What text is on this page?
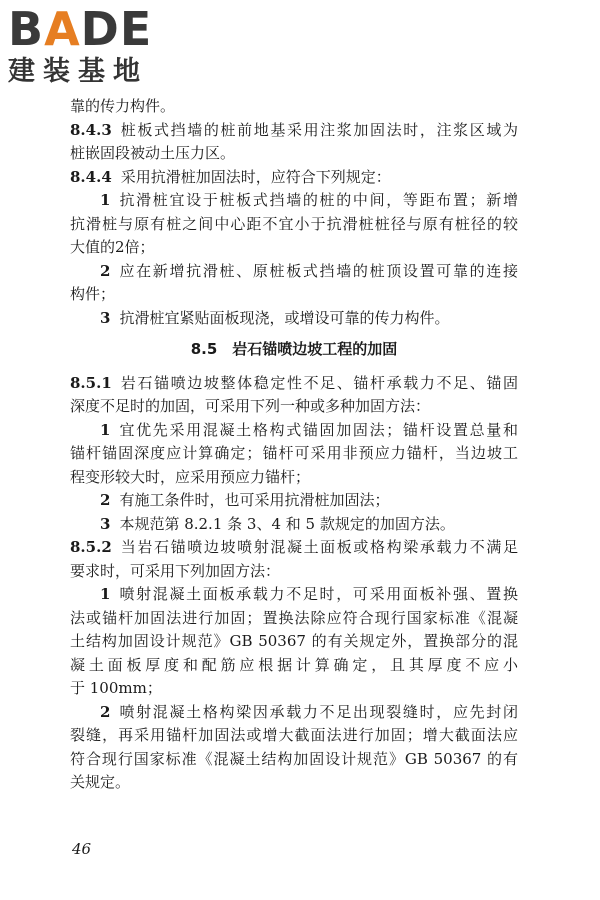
B A DE
建装基地
靠的传力构件。
8.4.3 桩板式挡墙的桩前地基采用注浆加固法时，注浆区域为
桩嵌固段被动土压力区。
8.4.4 采用抗滑桩加固法时，应符合下列规定：
1 抗滑桩宜设于桩板式挡墙的桩的中间，等距布置；新增
抗滑桩与原有桩之间中心距不宜小于抗滑桩桩径与原有桩径的较
大值的2倍；
2 应在新增抗滑桩、原桩板式挡墙的桩顶设置可靠的连接
构件；
3 抗滑桩宜紧贴面板现浇，或增设可靠的传力构件。
8.5  岩石锚喷边坡工程的加固
8.5.1 岩石锚喷边坡整体稳定性不足、锚杆承载力不足、锚固
深度不足时的加固，可采用下列一种或多种加固方法：
1 宜优先采用混凝土格构式锚固加固法；锚杆设置总量和
锚杆锚固深度应计算确定；锚杆可采用非预应力锚杆，当边坡工
程变形较大时，应采用预应力锚杆；
2 有施工条件时，也可采用抗滑桩加固法；
3 本规范第 8.2.1 条 3、4 和 5 款规定的加固方法。
8.5.2 当岩石锚喷边坡喷射混凝土面板或格构梁承载力不满足
要求时，可采用下列加固方法：
1 喷射混凝土面板承载力不足时，可采用面板补强、置换
法或锚杆加固法进行加固；置换法除应符合现行国家标准《混凝
土结构加固设计规范》GB 50367 的有关规定外，置换部分的混
凝土面板厚度和配筋应根据计算确定，且其厚度不应小
于 100mm；
2 喷射混凝土格构梁因承载力不足出现裂缝时，应先封闭
裂缝，再采用锚杆加固法或增大截面法进行加固；增大截面法应
符合现行国家标准《混凝土结构加固设计规范》GB 50367 的有
关规定。
46
